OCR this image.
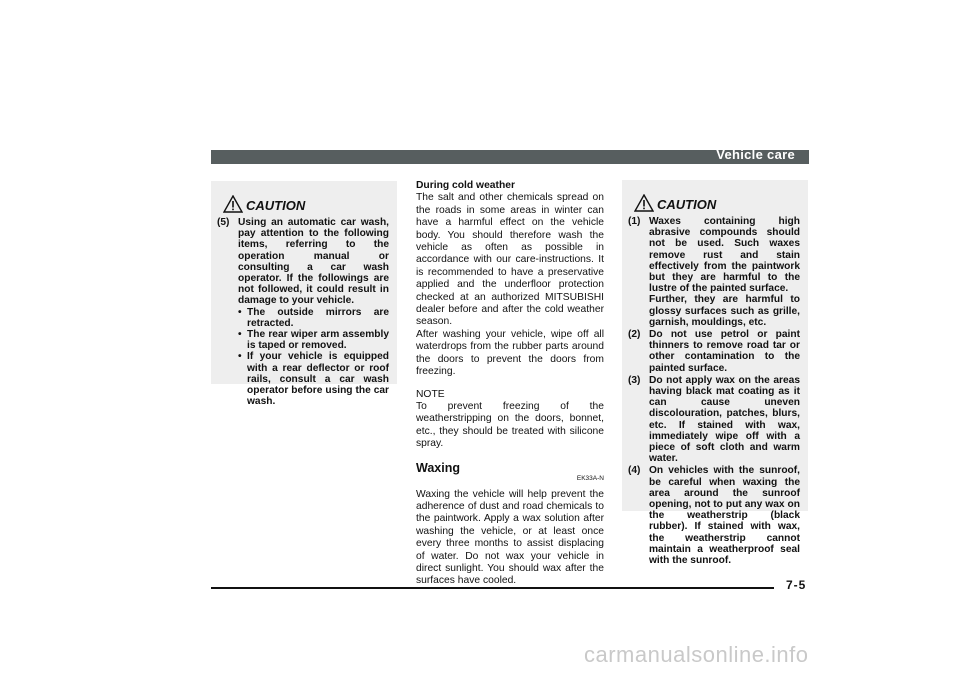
Vehicle care
CAUTION
(5) Using an automatic car wash, pay attention to the following items, referring to the operation manual or consulting a car wash operator. If the followings are not followed, it could result in damage to your vehicle.
• The outside mirrors are retracted.
• The rear wiper arm assembly is taped or removed.
• If your vehicle is equipped with a rear deflector or roof rails, consult a car wash operator before using the car wash.

During cold weather

The salt and other chemicals spread on the roads in some areas in winter can have a harmful effect on the vehicle body. You should therefore wash the vehicle as often as possible in accordance with our care-instructions. It is recommended to have a preservative applied and the underfloor protection checked at an authorized MITSUBISHI dealer before and after the cold weather season.

After washing your vehicle, wipe off all waterdrops from the rubber parts around the doors to prevent the doors from freezing.

NOTE

To prevent freezing of the weatherstripping on the doors, bonnet, etc., they should be treated with silicone spray.

Waxing
EK33A-N

Waxing the vehicle will help prevent the adherence of dust and road chemicals to the paintwork. Apply a wax solution after washing the vehicle, or at least once every three months to assist displacing of water. Do not wax your vehicle in direct sunlight. You should wax after the surfaces have cooled.

CAUTION
(1) Waxes containing high abrasive compounds should not be used. Such waxes remove rust and stain effectively from the paintwork but they are harmful to the lustre of the painted surface.
Further, they are harmful to glossy surfaces such as grille, garnish, mouldings, etc.
(2) Do not use petrol or paint thinners to remove road tar or other contamination to the painted surface.
(3) Do not apply wax on the areas having black mat coating as it can cause uneven discolouration, patches, blurs, etc. If stained with wax, immediately wipe off with a piece of soft cloth and warm water.
(4) On vehicles with the sunroof, be careful when waxing the area around the sunroof opening, not to put any wax on the weatherstrip (black rubber). If stained with wax, the weatherstrip cannot maintain a weatherproof seal with the sunroof.
7-5
carmanualsonline.info
